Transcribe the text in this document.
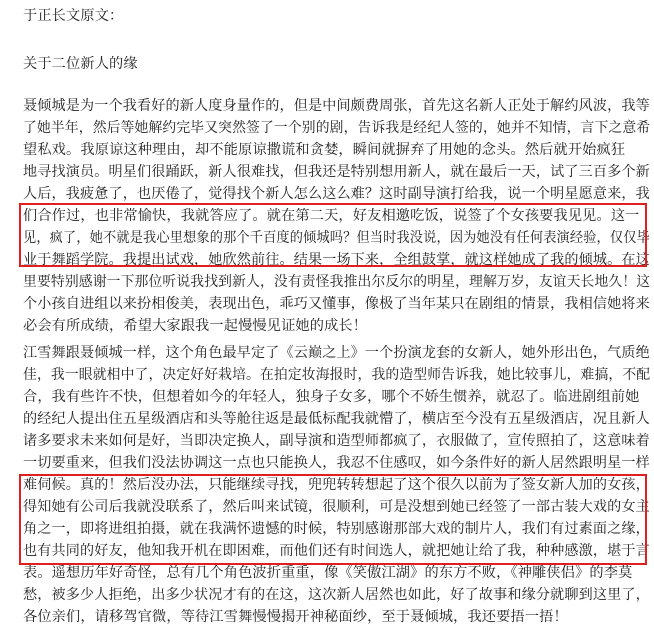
于正长文原文：
关于二位新人的缘
聂倾城是为一个我看好的新人度身量作的，但是中间颇费周张，首先这名新人正处于解约风波，我等
了她半年，然后等她解约完毕又突然签了一个别的剧，告诉我是经纪人签的，她并不知情，言下之意希
望私戏。我原谅这种理由，却不能原谅撒谎和贪婪，瞬间就摒弃了用她的念头。然后就开始疯狂
地寻找演员。明星们很踊跃，新人很难找，但我还是特别想用新人，就在最后一天，试了三百多个新
人后，我疲惫了，也厌倦了，觉得找个新人怎么这么难？这时副导演打给我，说一个明星愿意来，我
们合作过，也非常愉快，我就答应了。就在第二天，好友相邀吃饭，说签了个女孩要我见见。这一
见，疯了，她不就是我心里想象的那个千百度的倾城吗？但当时我没说，因为她没有任何表演经验，仅仅毕
业于舞蹈学院。我提出试戏，她欣然前往。结果一场下来，全组鼓掌，就这样她成了我的倾城。在这
里要特别感谢一下那位听说我找到新人，没有责怪我推出尔反尔的明星，理解万岁，友谊天长地久！这
个小孩自进组以来扮相俊美，表现出色，乖巧又懂事，像极了当年某只在剧组的情景，我相信她将来
必会有所成绩，希望大家跟我一起慢慢见证她的成长！
江雪舞跟聂倾城一样，这个角色最早定了《云巅之上》一个扮演龙套的女新人，她外形出色，气质绝
佳，我一眼就相中了，决定好好栽培。在拍定妆海报时，我的造型师告诉我，她比较事儿，难搞，不配
合，我有些许不快，但想着如今的年轻人，独身子女多，哪个不娇生惯养，就忍了。临进剧组前她
的经纪人提出住五星级酒店和头等舱往返是最低标配我就懵了，横店至今没有五星级酒店，况且新人
诸多要求未来如何是好，当即决定换人，副导演和造型师都疯了，衣服做了，宣传照拍了，这意味着
一切要重来，但我们没法协调这一点也只能换人，我忍不住感叹，如今条件好的新人居然跟明星一样
难伺候。真的！然后没办法，只能继续寻找，兜兜转转想起了这个很久以前为了签女新人加的女孩，
得知她有公司后我就没联系了，然后叫来试镜，很顺利，可是没想到她已经签了一部古装大戏的女主
角之一，即将进组拍摄，就在我满怀遗憾的时候，特别感谢那部大戏的制片人，我们有过素面之缘，
也有共同的好友，他知我开机在即困难，而他们还有时间选人，就把她让给了我，种种感激，堪于言
表。遥想历年好奇怪，总有几个角色波折重重，像《笑傲江湖》的东方不败，《神雕侠侣》的李莫
愁，被多少人拒绝，出多少状况才有的在这，这次新人居然也如此，好了故事和缘分就聊到这里了，
各位亲们，请移驾官微，等待江雪舞慢慢揭开神秘面纱，至于聂倾城，我还要捂一捂！
